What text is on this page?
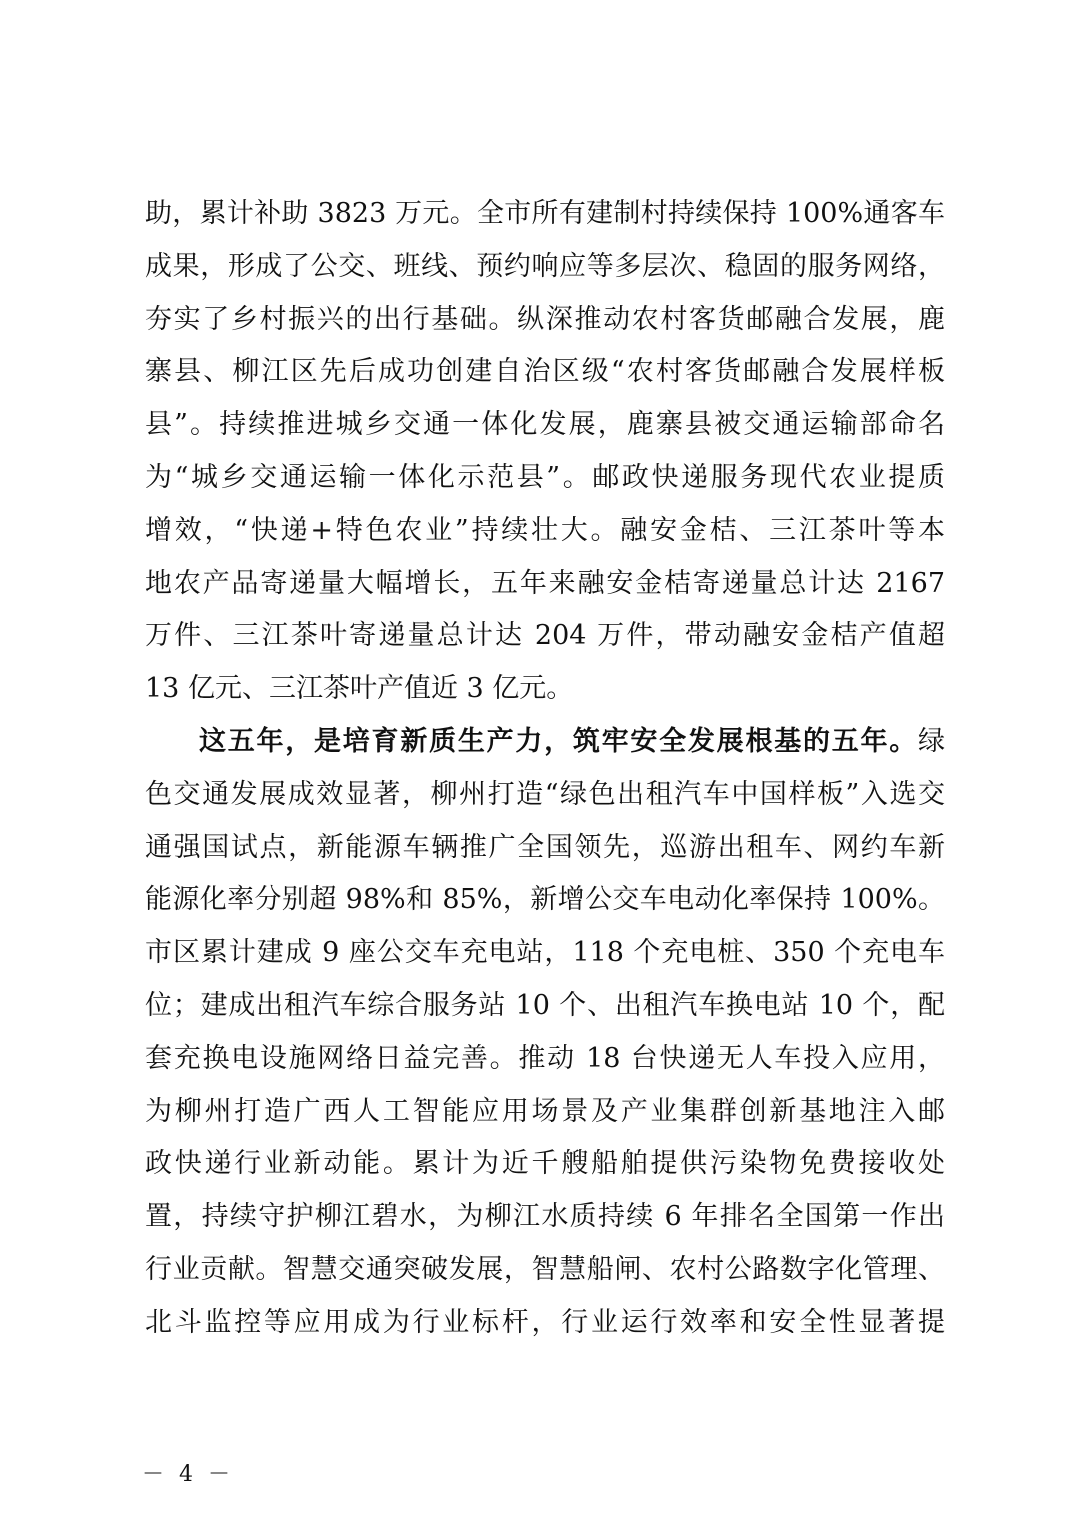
助，累计补助 3823 万元。全市所有建制村持续保持 100%通客车
成果，形成了公交、班线、预约响应等多层次、稳固的服务网络，
夯实了乡村振兴的出行基础。纵深推动农村客货邮融合发展，鹿
寨县、柳江区先后成功创建自治区级“农村客货邮融合发展样板
县”。持续推进城乡交通一体化发展，鹿寨县被交通运输部命名
为“城乡交通运输一体化示范县”。邮政快递服务现代农业提质
增效，“快递+特色农业”持续壮大。融安金桔、三江茶叶等本
地农产品寄递量大幅增长，五年来融安金桔寄递量总计达 2167
万件、三江茶叶寄递量总计达 204 万件，带动融安金桔产值超
13 亿元、三江茶叶产值近 3 亿元。
这五年，是培育新质生产力，筑牢安全发展根基的五年。绿
色交通发展成效显著，柳州打造“绿色出租汽车中国样板”入选交
通强国试点，新能源车辆推广全国领先，巡游出租车、网约车新
能源化率分别超 98%和 85%，新增公交车电动化率保持 100%。
市区累计建成 9 座公交车充电站，118 个充电桩、350 个充电车
位；建成出租汽车综合服务站 10 个、出租汽车换电站 10 个，配
套充换电设施网络日益完善。推动 18 台快递无人车投入应用，
为柳州打造广西人工智能应用场景及产业集群创新基地注入邮
政快递行业新动能。累计为近千艘船舶提供污染物免费接收处
置，持续守护柳江碧水，为柳江水质持续 6 年排名全国第一作出
行业贡献。智慧交通突破发展，智慧船闸、农村公路数字化管理、
北斗监控等应用成为行业标杆，行业运行效率和安全性显著提
－ 4 －
